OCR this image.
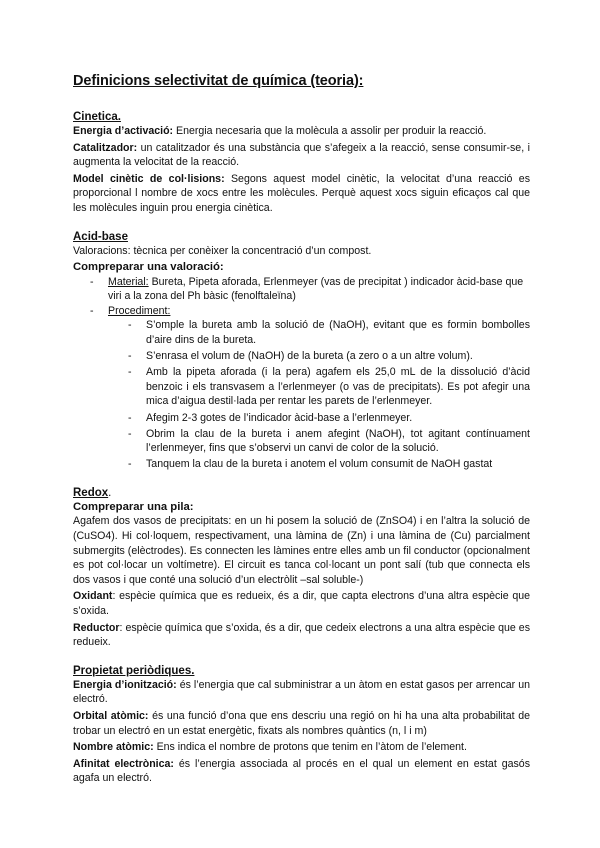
Definicions selectivitat de química (teoria):
Cinetica.

Energia d’activació: Energia necesaria que la molècula a assolir per produir la reacció.

Catalitzador: un catalitzador és una substància que s’afegeix a la reacció, sense consumir-se, i augmenta la velocitat de la reacció.

Model cinètic de col·lisions: Segons aquest model cinètic, la velocitat d’una reacció es proporcional l nombre de xocs entre les molècules. Perquè aquest xocs siguin eficaços cal que les molècules inguin prou energia cinètica.

Acid-base

Valoracions: tècnica per conèixer la concentració d’un compost.

Compreparar una valoració:
- Material: Bureta, Pipeta aforada, Erlenmeyer (vas de precipitat ) indicador àcid-base que viri a la zona del Ph bàsic (fenolftaleïna)
- Procediment:
- S’omple la bureta amb la solució de (NaOH), evitant que es formin bombolles d’aire dins de la bureta.
- S’enrasa el volum de (NaOH) de la bureta (a zero o a un altre volum).
- Amb la pipeta aforada (i la pera) agafem els 25,0 mL de la dissolució d’àcid benzoic i els transvasem a l’erlenmeyer (o vas de precipitats). Es pot afegir una mica d’aigua destil·lada per rentar les parets de l’erlenmeyer.
- Afegim 2-3 gotes de l’indicador àcid-base a l’erlenmeyer.
- Obrim la clau de la bureta i anem afegint (NaOH), tot agitant contínuament l’erlenmeyer, fins que s’observi un canvi de color de la solució.
- Tanquem la clau de la bureta i anotem el volum consumit de NaOH gastat
Redox.
Compreparar una pila:

Agafem dos vasos de precipitats: en un hi posem la solució de (ZnSO4) i en l’altra la solució de (CuSO4). Hi col·loquem, respectivament, una làmina de (Zn) i una làmina de (Cu) parcialment submergits (elèctrodes). Es connecten les làmines entre elles amb un fil conductor (opcionalment es pot col·locar un voltímetre). El circuit es tanca col·locant un pont salí (tub que connecta els dos vasos i que conté una solució d’un electròlit –sal soluble-)

Oxidant: espècie química que es redueix, és a dir, que capta electrons d’una altra espècie que s’oxida.

Reductor: espècie química que s’oxida, és a dir, que cedeix electrons a una altra espècie que es redueix.

Propietat periòdiques.

Energia d’ionització: és l’energia que cal subministrar a un àtom en estat gasos per arrencar un electró.

Orbital atòmic: és una funció d’ona que ens descriu una regió on hi ha una alta probabilitat de trobar un electró en un estat energètic, fixats als nombres quàntics (n, l i m)

Nombre atòmic: Ens indica el nombre de protons que tenim en l’àtom de l’element.

Afinitat electrònica: és l’energia associada al procés en el qual un element en estat gasós agafa un electró.
